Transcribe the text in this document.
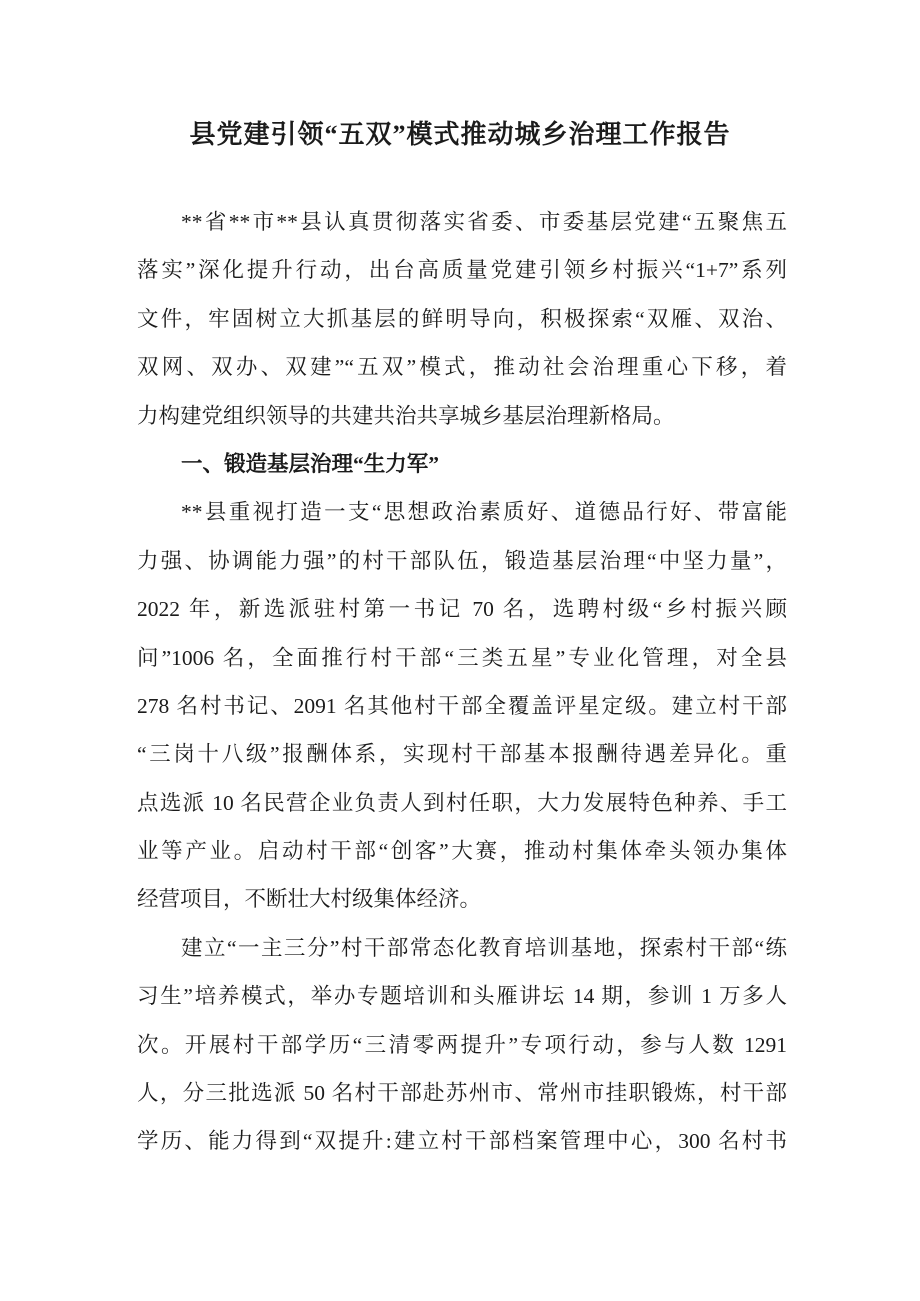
县党建引领“五双”模式推动城乡治理工作报告
**省**市**县认真贯彻落实省委、市委基层党建“五聚焦五
落实”深化提升行动，出台高质量党建引领乡村振兴“1+7”系列
文件，牢固树立大抓基层的鲜明导向，积极探索“双雁、双治、
双网、双办、双建”“五双”模式，推动社会治理重心下移，着
力构建党组织领导的共建共治共享城乡基层治理新格局。
一、锻造基层治理“生力军”
**县重视打造一支“思想政治素质好、道德品行好、带富能
力强、协调能力强”的村干部队伍，锻造基层治理“中坚力量”，
2022 年，新选派驻村第一书记 70 名，选聘村级“乡村振兴顾
问”1006 名，全面推行村干部“三类五星”专业化管理，对全县
278 名村书记、2091 名其他村干部全覆盖评星定级。建立村干部
“三岗十八级”报酬体系，实现村干部基本报酬待遇差异化。重
点选派 10 名民营企业负责人到村任职，大力发展特色种养、手工
业等产业。启动村干部“创客”大赛，推动村集体牵头领办集体
经营项目，不断壮大村级集体经济。
建立“一主三分”村干部常态化教育培训基地，探索村干部“练
习生”培养模式，举办专题培训和头雁讲坛 14 期，参训 1 万多人
次。开展村干部学历“三清零两提升”专项行动，参与人数 1291
人，分三批选派 50 名村干部赴苏州市、常州市挂职锻炼，村干部
学历、能力得到“双提升:建立村干部档案管理中心，300 名村书
